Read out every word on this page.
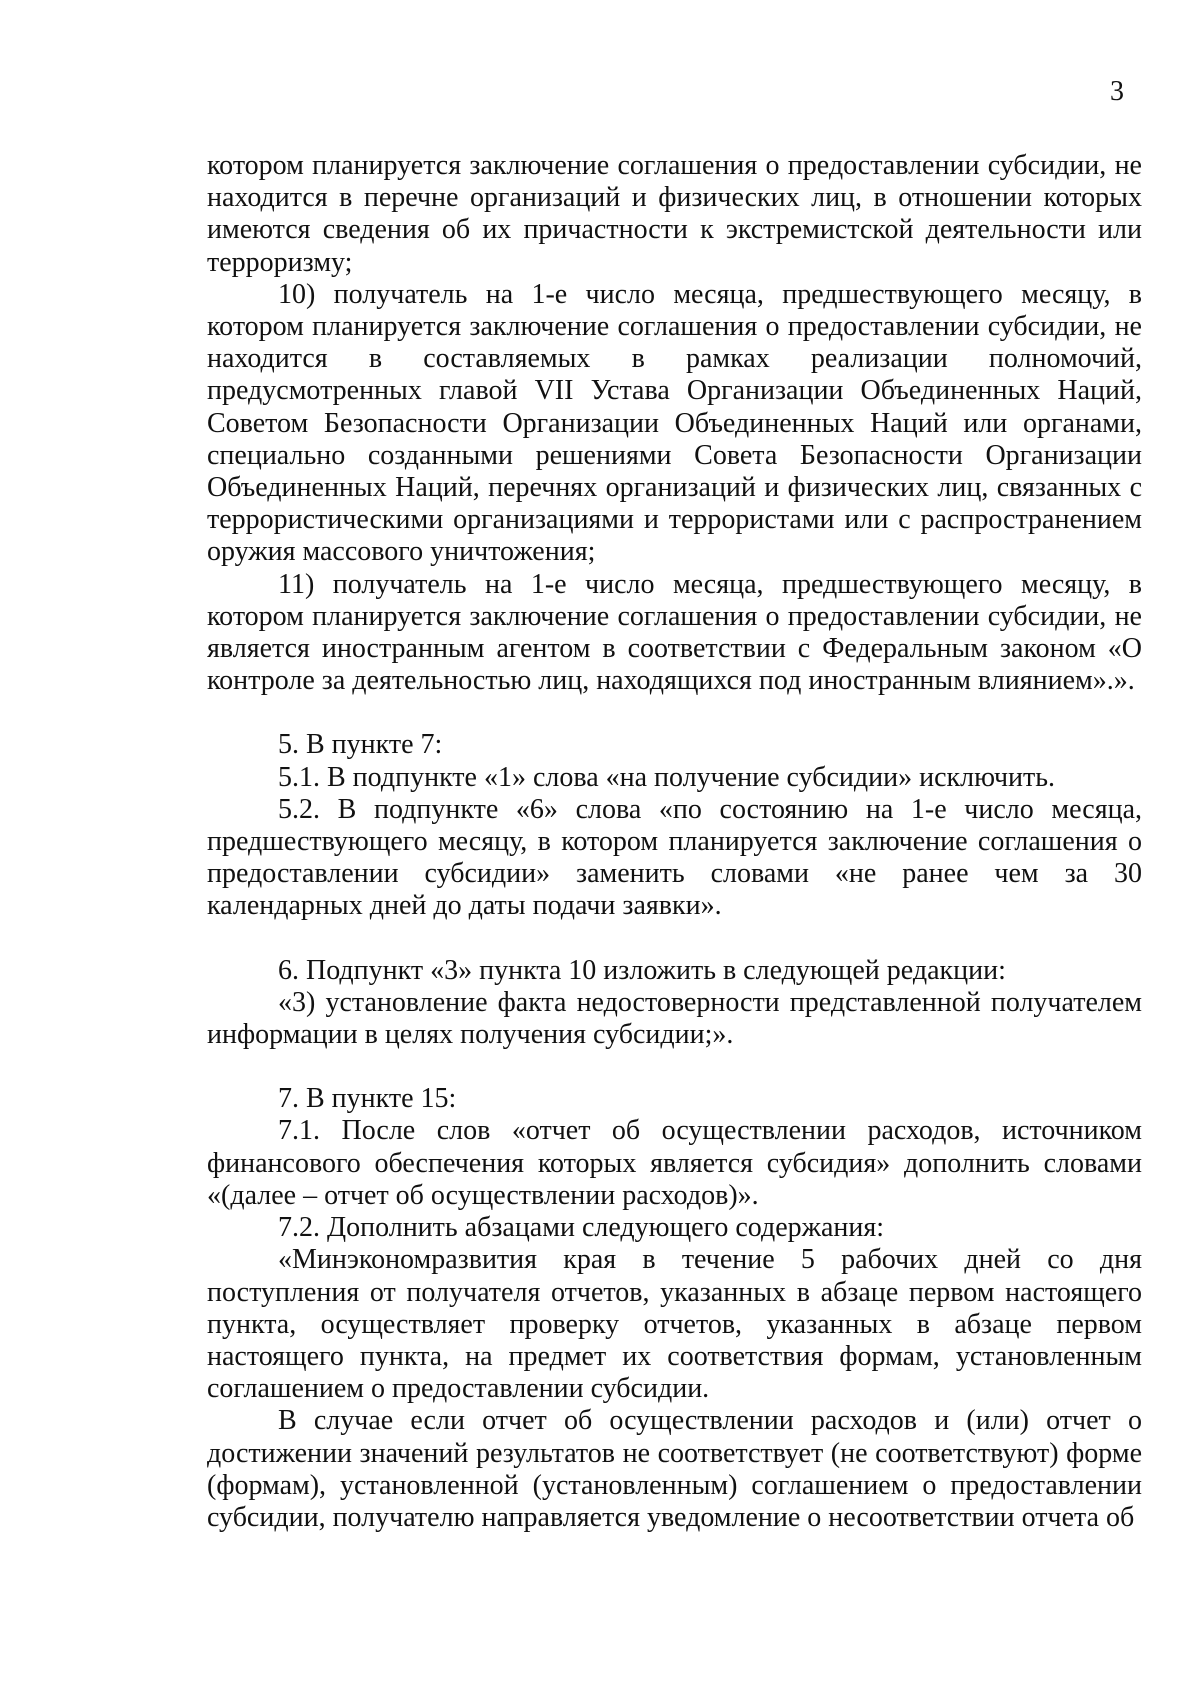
3

котором планируется заключение соглашения о предоставлении субсидии, не находится в перечне организаций и физических лиц, в отношении которых имеются сведения об их причастности к экстремистской деятельности или терроризму;

10) получатель на 1-е число месяца, предшествующего месяцу, в котором планируется заключение соглашения о предоставлении субсидии, не находится в составляемых в рамках реализации полномочий, предусмотренных главой VII Устава Организации Объединенных Наций, Советом Безопасности Организации Объединенных Наций или органами, специально созданными решениями Совета Безопасности Организации Объединенных Наций, перечнях организаций и физических лиц, связанных с террористическими организациями и террористами или с распространением оружия массового уничтожения;

11) получатель на 1-е число месяца, предшествующего месяцу, в котором планируется заключение соглашения о предоставлении субсидии, не является иностранным агентом в соответствии с Федеральным законом «О контроле за деятельностью лиц, находящихся под иностранным влиянием».».

5. В пункте 7:

5.1. В подпункте «1» слова «на получение субсидии» исключить.

5.2. В подпункте «6» слова «по состоянию на 1-е число месяца, предшествующего месяцу, в котором планируется заключение соглашения о предоставлении субсидии» заменить словами «не ранее чем за 30 календарных дней до даты подачи заявки».

6. Подпункт «3» пункта 10 изложить в следующей редакции:

«3) установление факта недостоверности представленной получателем информации в целях получения субсидии;».

7. В пункте 15:

7.1. После слов «отчет об осуществлении расходов, источником финансового обеспечения которых является субсидия» дополнить словами «(далее – отчет об осуществлении расходов)».

7.2. Дополнить абзацами следующего содержания:

«Минэкономразвития края в течение 5 рабочих дней со дня поступления от получателя отчетов, указанных в абзаце первом настоящего пункта, осуществляет проверку отчетов, указанных в абзаце первом настоящего пункта, на предмет их соответствия формам, установленным соглашением о предоставлении субсидии.

В случае если отчет об осуществлении расходов и (или) отчет о достижении значений результатов не соответствует (не соответствуют) форме (формам), установленной (установленным) соглашением о предоставлении субсидии, получателю направляется уведомление о несоответствии отчета об
